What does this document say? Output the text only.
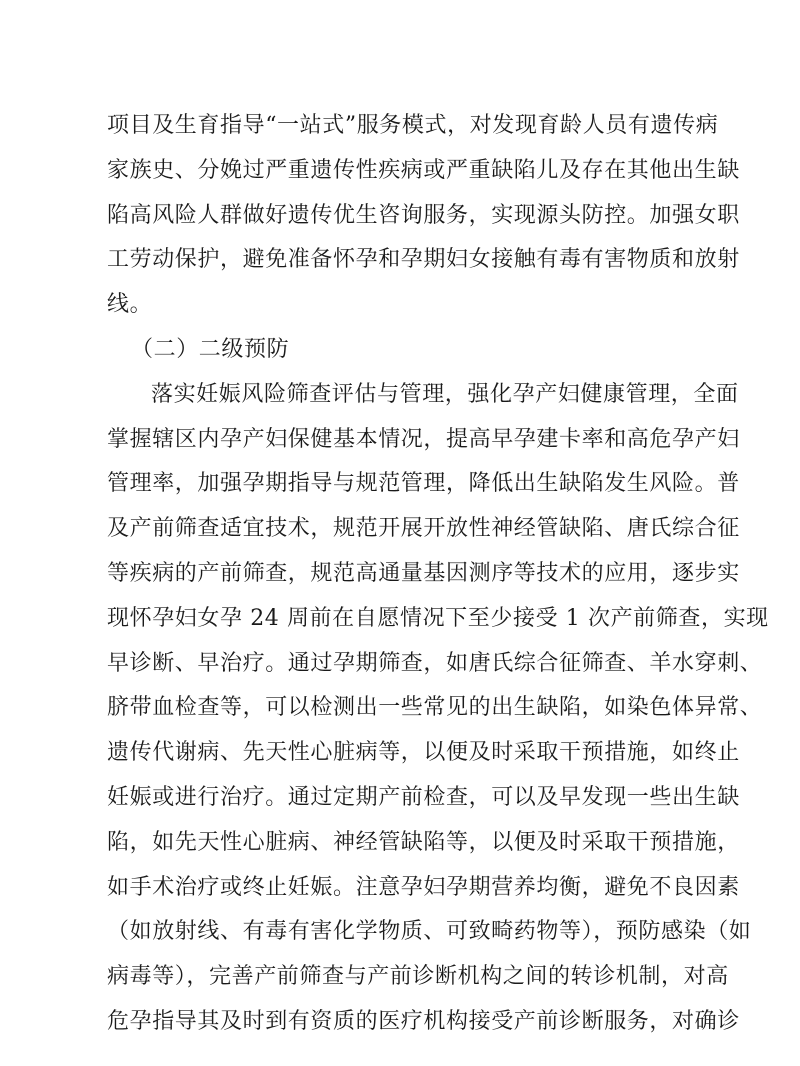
项目及生育指导“一站式”服务模式，对发现育龄人员有遗传病
家族史、分娩过严重遗传性疾病或严重缺陷儿及存在其他出生缺
陷高风险人群做好遗传优生咨询服务，实现源头防控。加强女职
工劳动保护，避免准备怀孕和孕期妇女接触有毒有害物质和放射
线。
（二）二级预防
落实妊娠风险筛查评估与管理，强化孕产妇健康管理，全面
掌握辖区内孕产妇保健基本情况，提高早孕建卡率和高危孕产妇
管理率，加强孕期指导与规范管理，降低出生缺陷发生风险。普
及产前筛查适宜技术，规范开展开放性神经管缺陷、唐氏综合征
等疾病的产前筛查，规范高通量基因测序等技术的应用，逐步实
现怀孕妇女孕 24 周前在自愿情况下至少接受 1 次产前筛查，实现
早诊断、早治疗。通过孕期筛查，如唐氏综合征筛查、羊水穿刺、
脐带血检查等，可以检测出一些常见的出生缺陷，如染色体异常、
遗传代谢病、先天性心脏病等，以便及时采取干预措施，如终止
妊娠或进行治疗。通过定期产前检查，可以及早发现一些出生缺
陷，如先天性心脏病、神经管缺陷等，以便及时采取干预措施，
如手术治疗或终止妊娠。注意孕妇孕期营养均衡，避免不良因素
（如放射线、有毒有害化学物质、可致畸药物等），预防感染（如
病毒等），完善产前筛查与产前诊断机构之间的转诊机制，对高
危孕指导其及时到有资质的医疗机构接受产前诊断服务，对确诊
